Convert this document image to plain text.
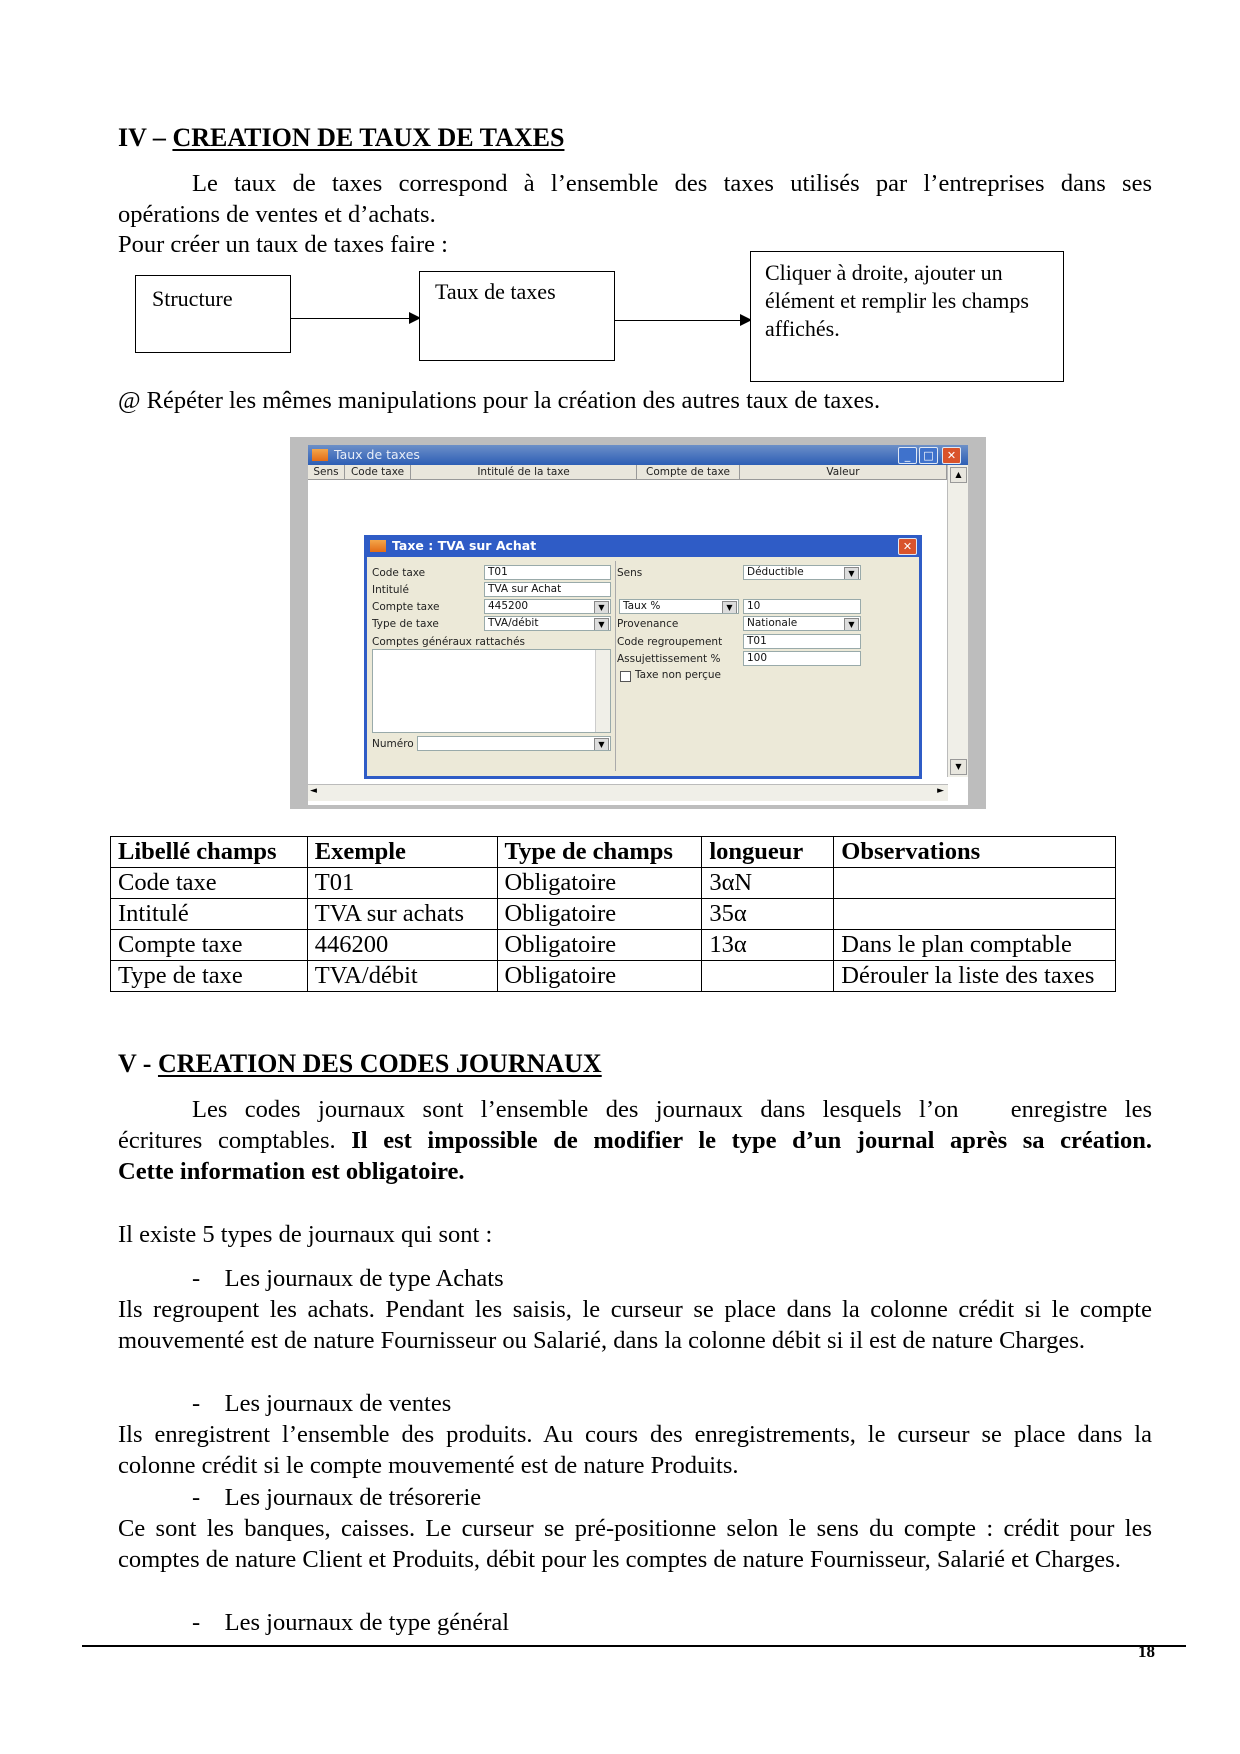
IV – CREATION DE TAUX DE TAXES
Le taux de taxes correspond à l’ensemble des taxes utilisés par l’entreprises dans ses
opérations de ventes et d’achats.
Pour créer un taux de taxes faire :
Structure	Taux de taxes
Cliquer à droite, ajouter un élément et remplir les champs affichés.
@ Répéter les mêmes manipulations pour la création des autres taux de taxes.
Taux de taxes	_	□	✕
Sens	Code taxe	Intitulé de la taxe	Compte de taxe	Valeur	▲
▼
◄	►
Taxe : TVA sur Achat	✕
Code taxe	T01
Intitulé	TVA sur Achat
Compte taxe	445200	▼
Type de taxe	TVA/débit	▼
Comptes généraux rattachés
Numéro	▼
Sens	Déductible	▼
Taux %	▼	10
Provenance	Nationale	▼
Code regroupement	T01
Assujettissement %	100
Taxe non perçue
Libellé champs	Exemple	Type de champs	longueur	Observations
Code taxe	T01	Obligatoire	3αN	
Intitulé	TVA sur achats	Obligatoire	35α	
Compte taxe	446200	Obligatoire	13α	Dans le plan comptable
Type de taxe	TVA/débit	Obligatoire		Dérouler la liste des taxes
V - CREATION DES CODES JOURNAUX
Les codes journaux sont l’ensemble des journaux dans lesquels l’on   enregistre les
écritures comptables. Il est impossible de modifier le type d’un journal après sa création.
Cette information est obligatoire.
Il existe 5 types de journaux qui sont :
-    Les journaux de type Achats
Ils regroupent les achats. Pendant les saisis, le curseur se place dans la colonne crédit si le compte mouvementé est de nature Fournisseur ou Salarié, dans la colonne débit si il est de nature Charges.
-    Les journaux de ventes
Ils enregistrent l’ensemble des produits. Au cours des enregistrements, le curseur se place dans la colonne crédit si le compte mouvementé est de nature Produits.
-    Les journaux de trésorerie
Ce sont les banques, caisses. Le curseur se pré-positionne selon le sens du compte : crédit pour les comptes de nature Client et Produits, débit pour les comptes de nature Fournisseur, Salarié et Charges.
-    Les journaux de type général
18
